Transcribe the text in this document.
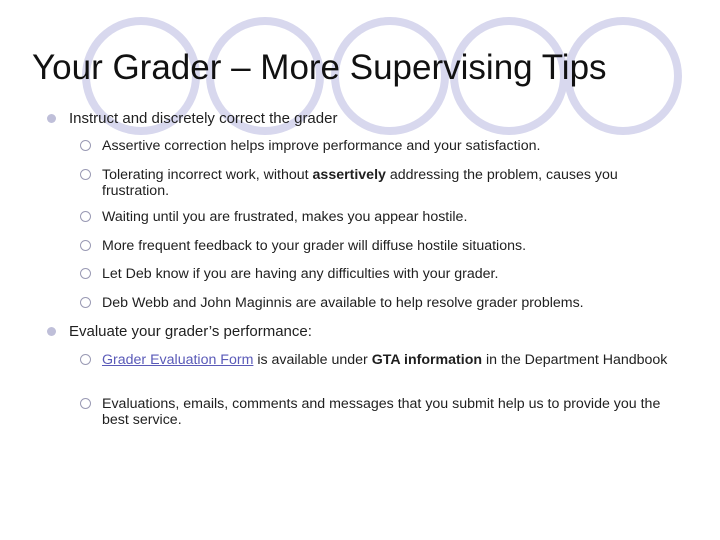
Your Grader – More Supervising Tips
Instruct and discretely correct the grader
Assertive correction helps improve performance and your satisfaction.
Tolerating incorrect work, without assertively addressing the problem, causes you frustration.
Waiting until you are frustrated, makes you appear hostile.
More frequent feedback to your grader will diffuse hostile situations.
Let Deb know if you are having any difficulties with your grader.
Deb Webb and John Maginnis are available to help resolve grader problems.
Evaluate your grader’s performance:
Grader Evaluation Form is available under GTA information in the Department Handbook
Evaluations, emails, comments and messages that you submit help us to provide you the best service.
